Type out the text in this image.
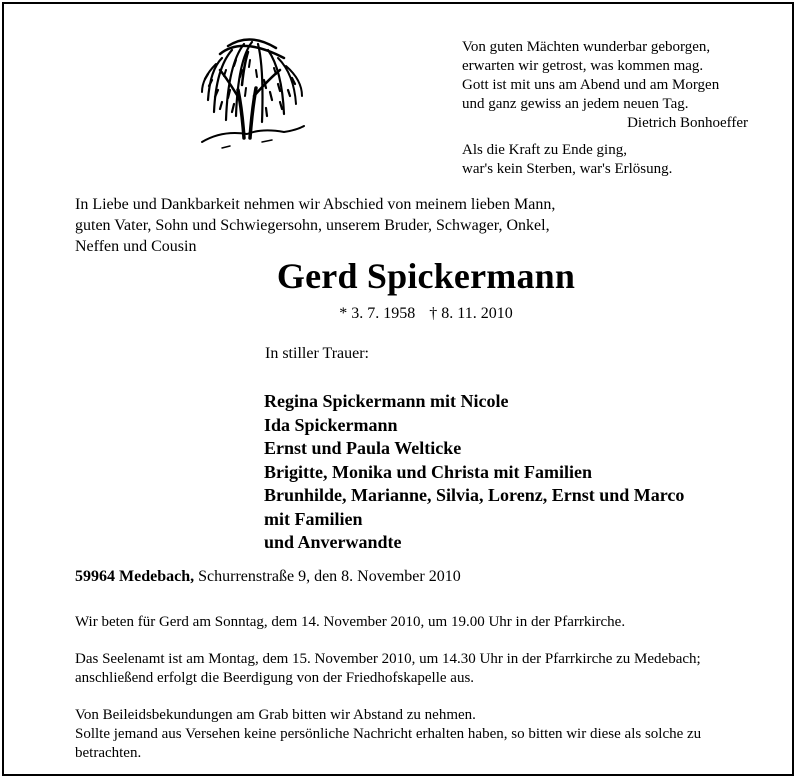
Von guten Mächten wunderbar geborgen,
erwarten wir getrost, was kommen mag.
Gott ist mit uns am Abend und am Morgen
und ganz gewiss an jedem neuen Tag.
Dietrich Bonhoeffer
Als die Kraft zu Ende ging,
war's kein Sterben, war's Erlösung.
In Liebe und Dankbarkeit nehmen wir Abschied von meinem lieben Mann,
guten Vater, Sohn und Schwiegersohn, unserem Bruder, Schwager, Onkel,
Neffen und Cousin
Gerd Spickermann
* 3. 7. 1958 † 8. 11. 2010
In stiller Trauer:
Regina Spickermann mit Nicole
Ida Spickermann
Ernst und Paula Welticke
Brigitte, Monika und Christa mit Familien
Brunhilde, Marianne, Silvia, Lorenz, Ernst und Marco
mit Familien
und Anverwandte
59964 Medebach, Schurrenstraße 9, den 8. November 2010
Wir beten für Gerd am Sonntag, dem 14. November 2010, um 19.00 Uhr in der Pfarrkirche.
Das Seelenamt ist am Montag, dem 15. November 2010, um 14.30 Uhr in der Pfarrkirche zu Medebach;
anschließend erfolgt die Beerdigung von der Friedhofskapelle aus.
Von Beileidsbekundungen am Grab bitten wir Abstand zu nehmen.
Sollte jemand aus Versehen keine persönliche Nachricht erhalten haben, so bitten wir diese als solche zu
betrachten.
